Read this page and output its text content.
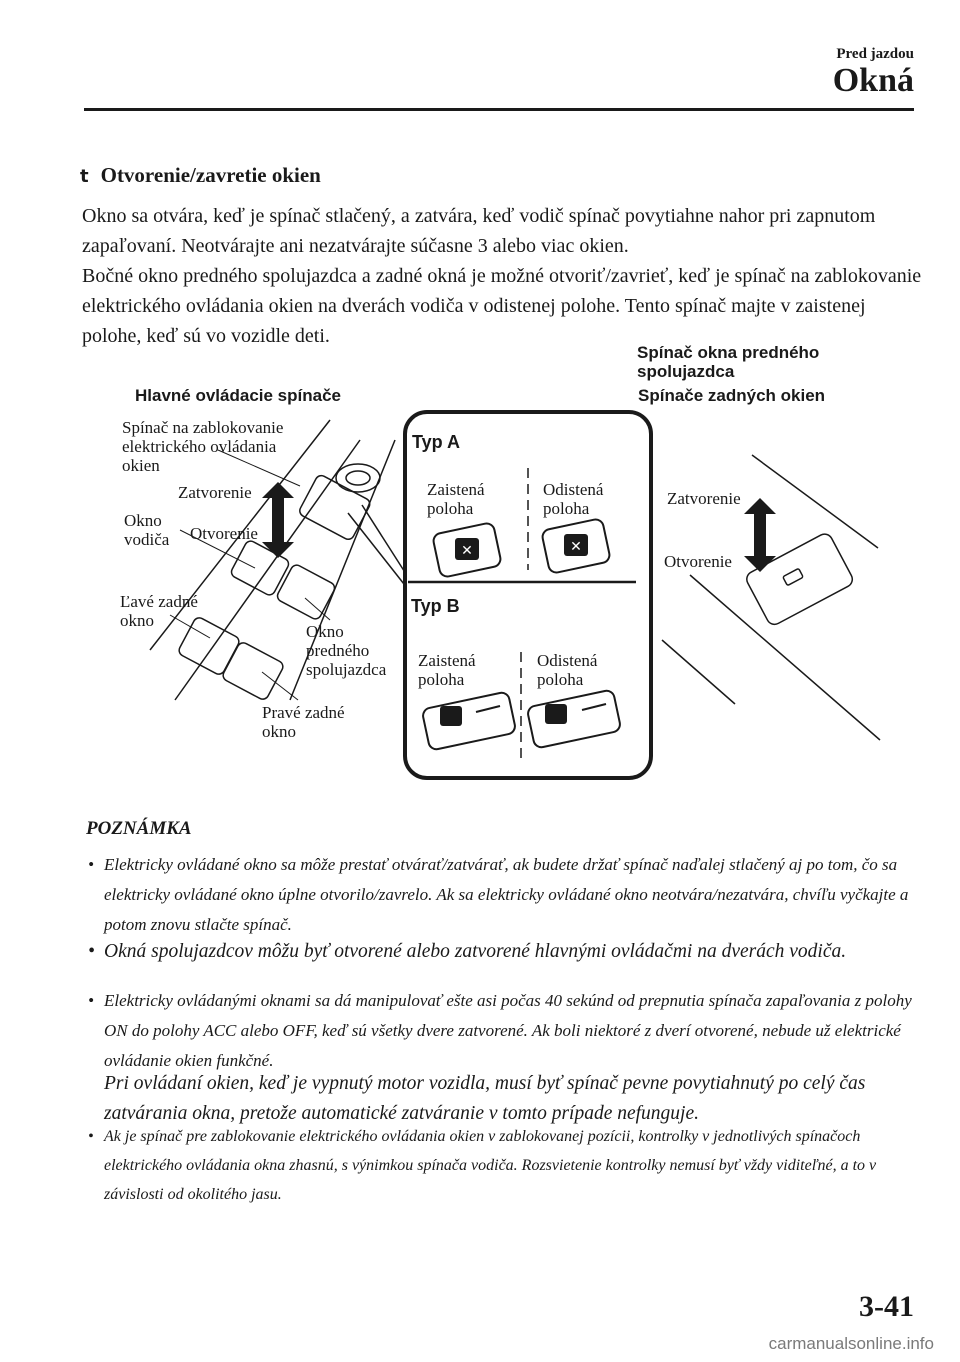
Pred jazdou
Okná
t Otvorenie/zavretie okien
Okno sa otvára, keď je spínač stlačený, a zatvára, keď vodič spínač povytiahne nahor pri zapnutom zapaľovaní. Neotvárajte ani nezatvárajte súčasne 3 alebo viac okien.
Bočné okno predného spolujazdca a zadné okná je možné otvoriť/zavrieť, keď je spínač na zablokovanie elektrického ovládania okien na dverách vodiča v odistenej polohe. Tento spínač majte v zaistenej polohe, keď sú vo vozidle deti.
✕	✕
Hlavné ovládacie spínače
Spínač na zablokovanie
elektrického ovládania
okien
Zatvorenie
Otvorenie
Okno
vodiča
Ľavé zadné
okno
Okno
predného
spolujazdca
Pravé zadné
okno
Typ A
Zaistená
poloha
Odistená
poloha
Typ B
Zaistená
poloha
Odistená
poloha
Spínač okna predného
spolujazdca
Spínače zadných okien
Zatvorenie
Otvorenie
POZNÁMKA
• Elektricky ovládané okno sa môže prestať otvárať/zatvárať, ak budete držať spínač naďalej stlačený aj po tom, čo sa elektricky ovládané okno úplne otvorilo/zavrelo. Ak sa elektricky ovládané okno neotvára/nezatvára, chvíľu vyčkajte a potom znovu stlačte spínač.
• Okná spolujazdcov môžu byť otvorené alebo zatvorené hlavnými ovládačmi na dverách vodiča.
• Elektricky ovládanými oknami sa dá manipulovať ešte asi počas 40 sekúnd od prepnutia spínača zapaľovania z polohy ON do polohy ACC alebo OFF, keď sú všetky dvere zatvorené. Ak boli niektoré z dverí otvorené, nebude už elektrické ovládanie okien funkčné.
Pri ovládaní okien, keď je vypnutý motor vozidla, musí byť spínač pevne povytiahnutý po celý čas zatvárania okna, pretože automatické zatváranie v tomto prípade nefunguje.
• Ak je spínač pre zablokovanie elektrického ovládania okien v zablokovanej pozícii, kontrolky v jednotlivých spínačoch elektrického ovládania okna zhasnú, s výnimkou spínača vodiča. Rozsvietenie kontrolky nemusí byť vždy viditeľné, a to v závislosti od okolitého jasu.
3-41
carmanualsonline.info
